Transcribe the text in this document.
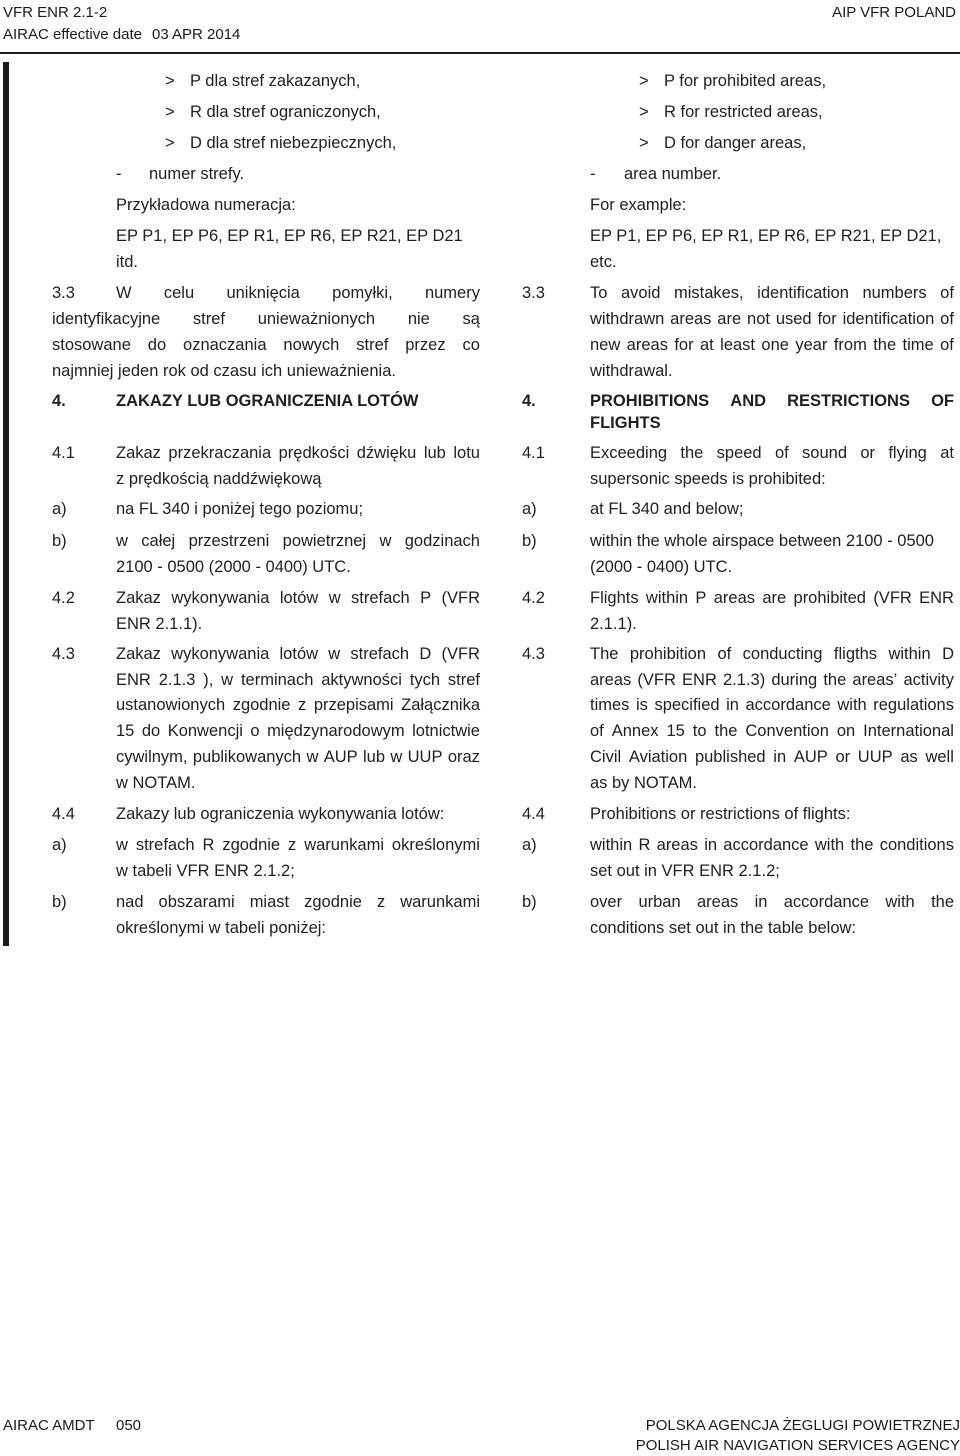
VFR ENR 2.1-2
AIRAC effective date 03 APR 2014
AIP VFR POLAND
> P dla stref zakazanych,
> R dla stref ograniczonych,
> D dla stref niebezpiecznych,
- numer strefy.
Przykładowa numeracja:
EP P1, EP P6, EP R1, EP R6, EP R21, EP D21
itd.
3.3 W celu uniknięcia pomyłki, numery
identyfikacyjne stref unieważnionych nie są
stosowane do oznaczania nowych stref przez co
najmniej jeden rok od czasu ich unieważnienia.
4.	ZAKAZY LUB OGRANICZENIA LOTÓW
4.1 Zakaz przekraczania prędkości dźwięku lub lotu
z prędkością naddźwiękową
a)	na FL 340 i poniżej tego poziomu;
b)	w całej przestrzeni powietrznej w godzinach
2100 - 0500 (2000 - 0400) UTC.
4.2 Zakaz wykonywania lotów w strefach P (VFR
ENR 2.1.1).
4.3 Zakaz wykonywania lotów w strefach D (VFR
ENR 2.1.3 ), w terminach aktywności tych stref
ustanowionych zgodnie z przepisami Załącznika
15 do Konwencji o międzynarodowym lotnictwie
cywilnym, publikowanych w AUP lub w UUP oraz
w NOTAM.
4.4 Zakazy lub ograniczenia wykonywania lotów:
a)	w strefach R zgodnie z warunkami określonymi
w tabeli VFR ENR 2.1.2;
b)	nad obszarami miast zgodnie z warunkami
określonymi w tabeli poniżej:
> P for prohibited areas,
> R for restricted areas,
> D for danger areas,
- area number.
For example:
EP P1, EP P6, EP R1, EP R6, EP R21, EP D21,
etc.
3.3	To avoid mistakes, identification numbers of
withdrawn areas are not used for identification of
new areas for at least one year from the time of
withdrawal.
4.	PROHIBITIONS AND RESTRICTIONS OF
FLIGHTS
4.1	Exceeding the speed of sound or flying at
supersonic speeds is prohibited:
a)	at FL 340 and below;
b)	within the whole airspace between 2100 - 0500
(2000 - 0400) UTC.
4.2	Flights within P areas are prohibited (VFR ENR
2.1.1).
4.3	The prohibition of conducting fligths within D
areas (VFR ENR 2.1.3) during the areas’ activity
times is specified in accordance with regulations
of Annex 15 to the Convention on International
Civil Aviation published in AUP or UUP as well
as by NOTAM.
4.4	Prohibitions or restrictions of flights:
a)	within R areas in accordance with the conditions
set out in VFR ENR 2.1.2;
b)	over urban areas in accordance with the
conditions set out in the table below:
AIRAC AMDT 050	POLSKA AGENCJA ŻEGLUGI POWIETRZNEJ
POLISH AIR NAVIGATION SERVICES AGENCY
